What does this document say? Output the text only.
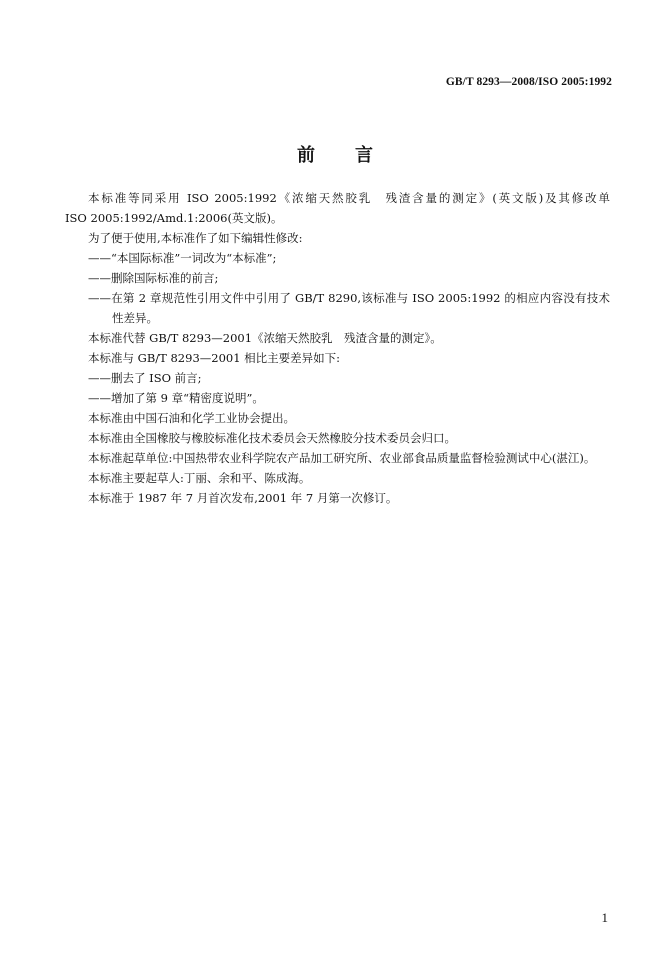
GB/T 8293—2008/ISO 2005:1992
前 言

本标准等同采用 ISO 2005:1992《浓缩天然胶乳　残渣含量的测定》(英文版)及其修改单

ISO 2005:1992/Amd.1:2006(英文版)。

为了便于使用,本标准作了如下编辑性修改:

——“本国际标准”一词改为“本标准”;

——删除国际标准的前言;

——在第 2 章规范性引用文件中引用了 GB/T 8290,该标准与 ISO 2005:1992 的相应内容没有技术性差异。

本标准代替 GB/T 8293—2001《浓缩天然胶乳　残渣含量的测定》。

本标准与 GB/T 8293—2001 相比主要差异如下:

——删去了 ISO 前言;

——增加了第 9 章“精密度说明”。

本标准由中国石油和化学工业协会提出。

本标准由全国橡胶与橡胶标准化技术委员会天然橡胶分技术委员会归口。

本标准起草单位:中国热带农业科学院农产品加工研究所、农业部食品质量监督检验测试中心(湛江)。

本标准主要起草人:丁丽、余和平、陈成海。

本标准于 1987 年 7 月首次发布,2001 年 7 月第一次修订。

1
